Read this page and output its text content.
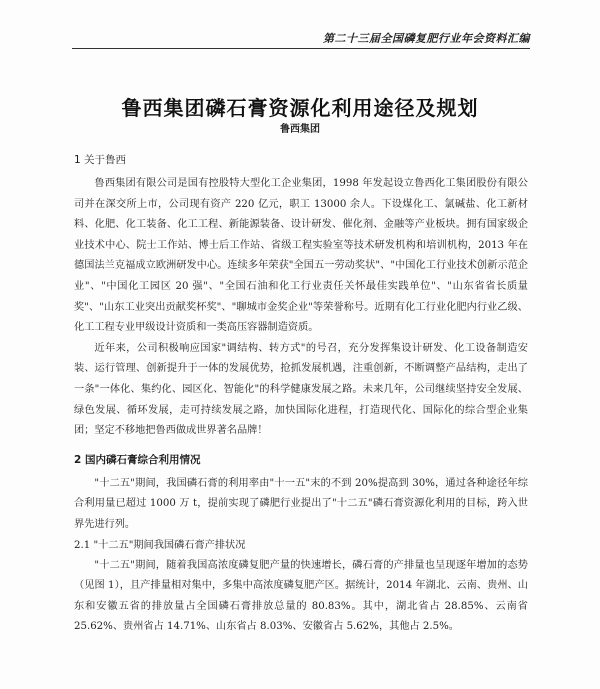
第二十三届全国磷复肥行业年会资料汇编
鲁西集团磷石膏资源化利用途径及规划
鲁西集团
1 关于鲁西

鲁西集团有限公司是国有控股特大型化工企业集团，1998 年发起设立鲁西化工集团股份有限公司并在深交所上市，公司现有资产 220 亿元，职工 13000 余人。下设煤化工、氯碱盐、化工新材料、化肥、化工装备、化工工程、新能源装备、设计研发、催化剂、金融等产业板块。拥有国家级企业技术中心、院士工作站、博士后工作站、省级工程实验室等技术研发机构和培训机构，2013 年在德国法兰克福成立欧洲研发中心。连续多年荣获"全国五一劳动奖状"、"中国化工行业技术创新示范企业"、"中国化工园区 20 强"、"全国石油和化工行业责任关怀最佳实践单位"、"山东省省长质量奖"、"山东工业突出贡献奖杯奖"、"聊城市金奖企业"等荣誉称号。近期有化工行业化肥内行业乙级、化工工程专业甲级设计资质和一类高压容器制造资质。

近年来，公司积极响应国家"调结构、转方式"的号召，充分发挥集设计研发、化工设备制造安装、运行管理、创新提升于一体的发展优势，抢抓发展机遇，注重创新，不断调整产品结构，走出了一条"一体化、集约化、园区化、智能化"的科学健康发展之路。未来几年，公司继续坚持安全发展、绿色发展、循环发展，走可持续发展之路，加快国际化进程，打造现代化、国际化的综合型企业集团；坚定不移地把鲁西做成世界著名品牌！

2 国内磷石膏综合利用情况

"十二五"期间，我国磷石膏的利用率由"十一五"末的不到 20%提高到 30%，通过各种途径年综合利用量已超过 1000 万 t，提前实现了磷肥行业提出了"十二五"磷石膏资源化利用的目标，跨入世界先进行列。

2.1 "十二五"期间我国磷石膏产排状况

"十二五"期间，随着我国高浓度磷复肥产量的快速增长，磷石膏的产排量也呈现逐年增加的态势（见图 1），且产排量相对集中，多集中高浓度磷复肥产区。据统计，2014 年湖北、云南、贵州、山东和安徽五省的排放量占全国磷石膏排放总量的 80.83%。其中，湖北省占 28.85%、云南省 25.62%、贵州省占 14.71%、山东省占 8.03%、安徽省占 5.62%，其他占 2.5%。
